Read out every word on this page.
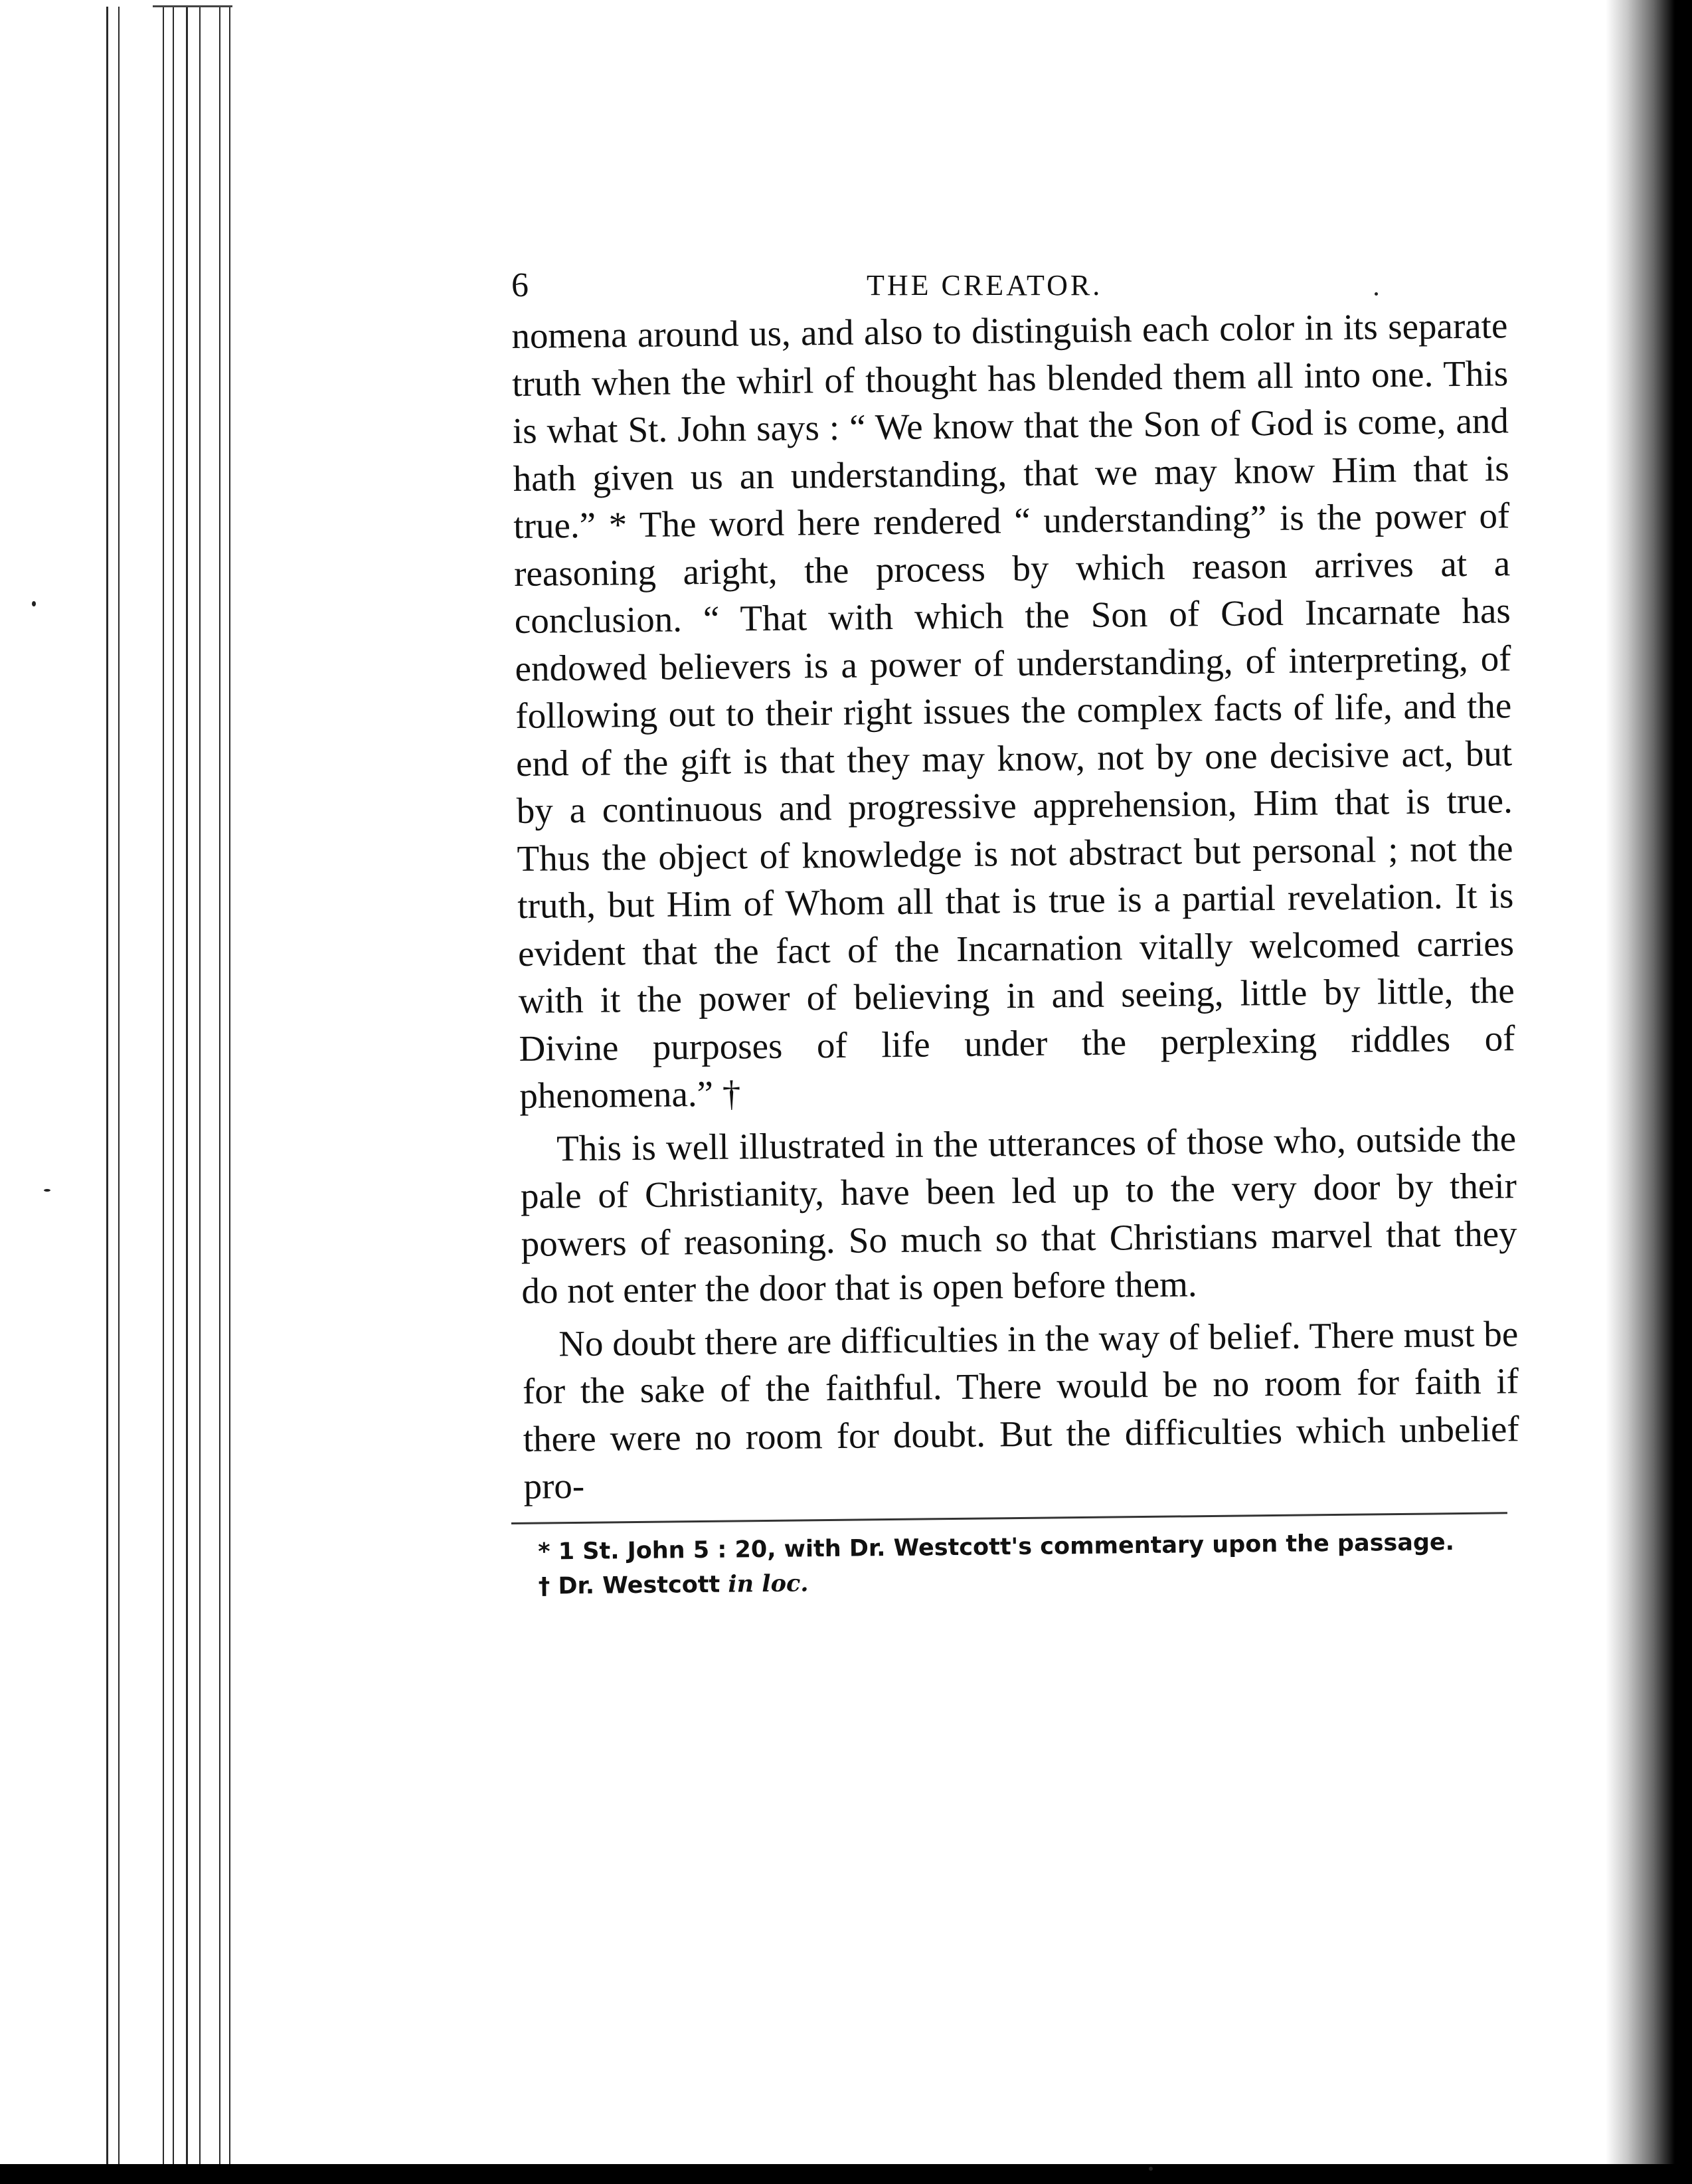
6	THE CREATOR.

nomena around us, and also to distinguish each color in its separate truth when the whirl of thought has blended them all into one. This is what St. John says : “ We know that the Son of God is come, and hath given us an understanding, that we may know Him that is true.” * The word here rendered “ understanding” is the power of reasoning aright, the process by which reason arrives at a conclusion. “ That with which the Son of God Incarnate has endowed believers is a power of understanding, of interpreting, of following out to their right issues the complex facts of life, and the end of the gift is that they may know, not by one decisive act, but by a continuous and progressive apprehension, Him that is true. Thus the object of knowledge is not abstract but personal ; not the truth, but Him of Whom all that is true is a partial revelation. It is evident that the fact of the Incarnation vitally welcomed carries with it the power of believing in and seeing, little by little, the Divine purposes of life under the perplexing riddles of phenomena.” †

This is well illustrated in the utterances of those who, outside the pale of Christianity, have been led up to the very door by their powers of reasoning. So much so that Christians marvel that they do not enter the door that is open before them.

No doubt there are difficulties in the way of belief. There must be for the sake of the faithful. There would be no room for faith if there were no room for doubt. But the difficulties which unbelief pro-

* 1 St. John 5 : 20, with Dr. Westcott's commentary upon the passage.

† Dr. Westcott in loc.
